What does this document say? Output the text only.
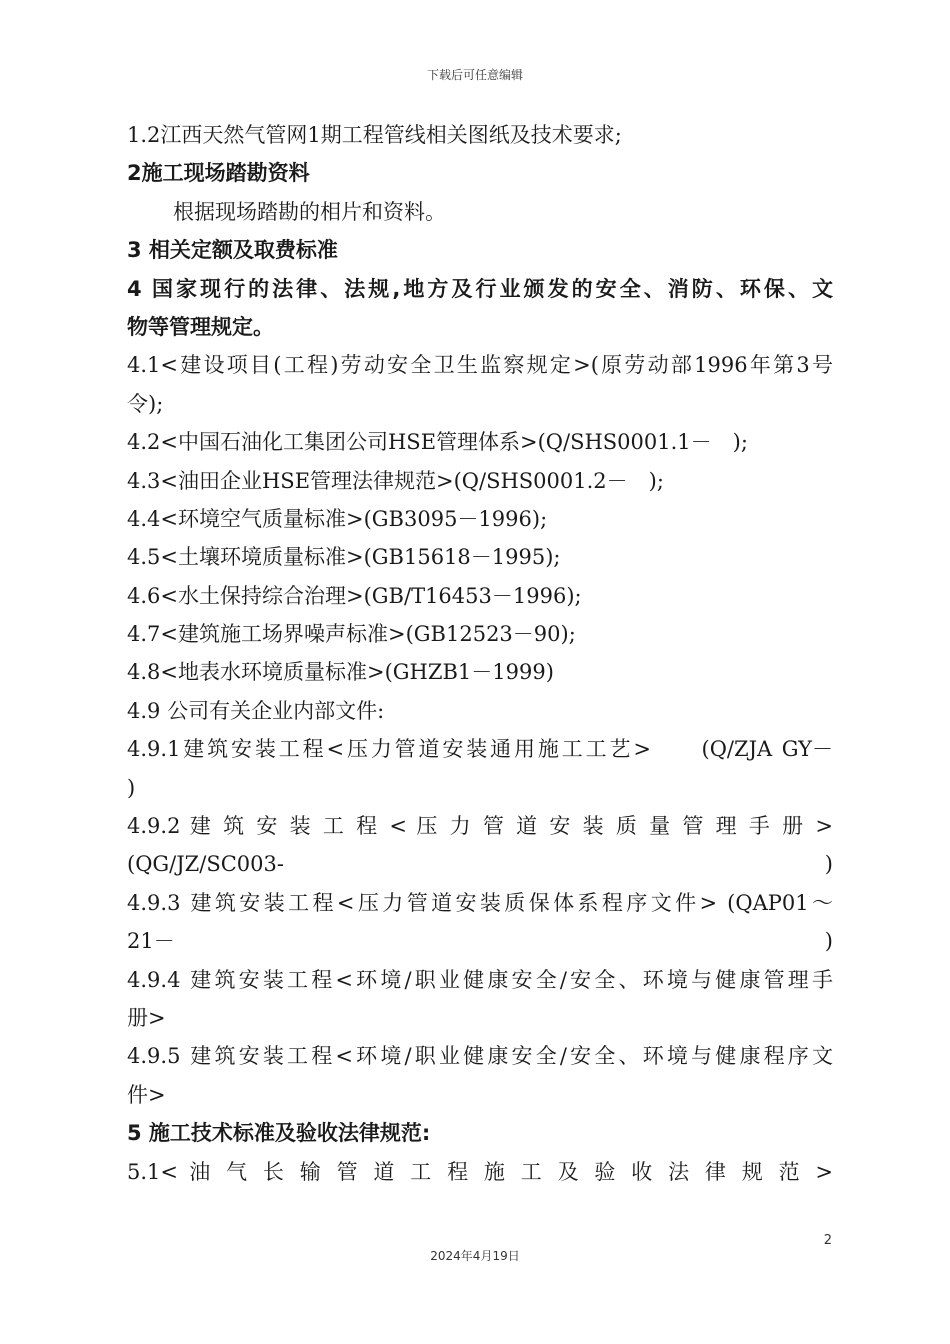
下载后可任意编辑
1.2江西天然气管网1期工程管线相关图纸及技术要求;
2施工现场踏勘资料
根据现场踏勘的相片和资料。
3 相关定额及取费标准
4 国家现行的法律、法规,地方及行业颁发的安全、消防、环保、文
物等管理规定。
4.1<建设项目(工程)劳动安全卫生监察规定>(原劳动部1996年第3号
令);
4.2<中国石油化工集团公司HSE管理体系>(Q/SHS0001.1－　);
4.3<油田企业HSE管理法律规范>(Q/SHS0001.2－　);
4.4<环境空气质量标准>(GB3095－1996);
4.5<土壤环境质量标准>(GB15618－1995);
4.6<水土保持综合治理>(GB/T16453－1996);
4.7<建筑施工场界噪声标准>(GB12523－90);
4.8<地表水环境质量标准>(GHZB1－1999)
4.9 公司有关企业内部文件:
4.9.1建筑安装工程<压力管道安装通用施工工艺>　　(Q/ZJA GY－
)
4.9.2 建 筑 安 装 工 程 < 压 力 管 道 安 装 质 量 管 理 手 册 >
(QG/JZ/SC003-	)
4.9.3 建筑安装工程<压力管道安装质保体系程序文件> (QAP01～
21－	)
4.9.4 建筑安装工程<环境/职业健康安全/安全、环境与健康管理手
册>
4.9.5 建筑安装工程<环境/职业健康安全/安全、环境与健康程序文
件>
5 施工技术标准及验收法律规范:
5.1< 油 气 长 输 管 道 工 程 施 工 及 验 收 法 律 规 范 >
2
2024年4月19日
